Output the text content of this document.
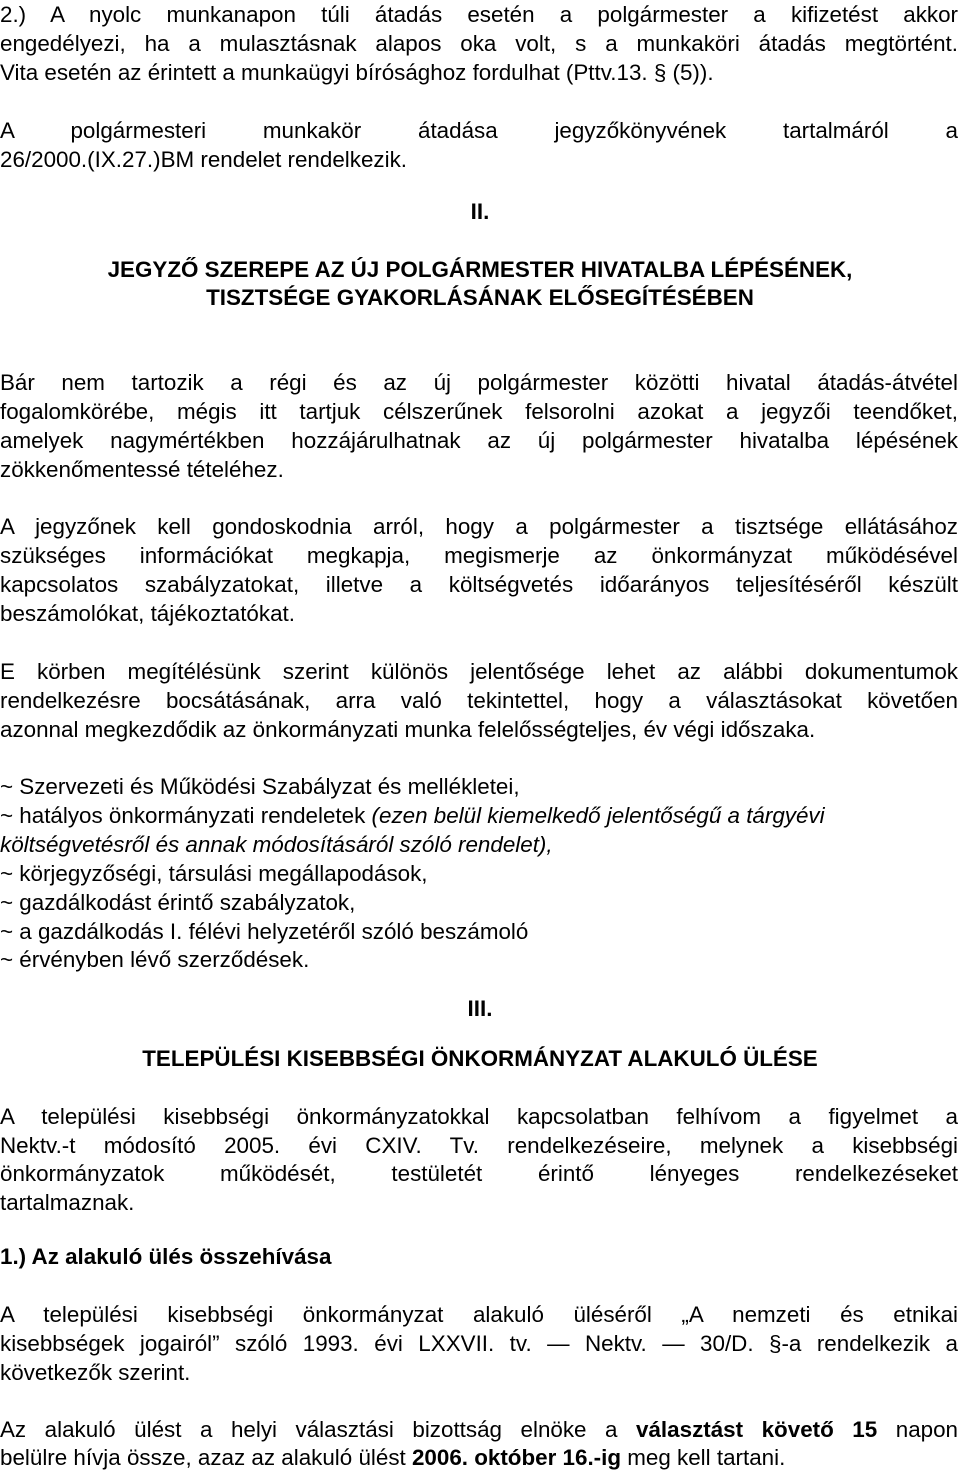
2.) A nyolc munkanapon túli átadás esetén a polgármester a kifizetést akkor
engedélyezi, ha a mulasztásnak alapos oka volt, s a munkaköri átadás megtörtént.
Vita esetén az érintett a munkaügyi bírósághoz fordulhat (Pttv.13. § (5)).
A polgármesteri munkakör átadása jegyzőkönyvének tartalmáról a
26/2000.(IX.27.)BM rendelet rendelkezik.
II.
JEGYZŐ SZEREPE AZ ÚJ POLGÁRMESTER HIVATALBA LÉPÉSÉNEK,
TISZTSÉGE GYAKORLÁSÁNAK ELŐSEGÍTÉSÉBEN
Bár nem tartozik a régi és az új polgármester közötti hivatal átadás-átvétel
fogalomkörébe, mégis itt tartjuk célszerűnek felsorolni azokat a jegyzői teendőket,
amelyek nagymértékben hozzájárulhatnak az új polgármester hivatalba lépésének
zökkenőmentessé tételéhez.
A jegyzőnek kell gondoskodnia arról, hogy a polgármester a tisztsége ellátásához
szükséges információkat megkapja, megismerje az önkormányzat működésével
kapcsolatos szabályzatokat, illetve a költségvetés időarányos teljesítéséről készült
beszámolókat, tájékoztatókat.
E körben megítélésünk szerint különös jelentősége lehet az alábbi dokumentumok
rendelkezésre bocsátásának, arra való tekintettel, hogy a választásokat követően
azonnal megkezdődik az önkormányzati munka felelősségteljes, év végi időszaka.
~ Szervezeti és Működési Szabályzat és mellékletei,
~ hatályos önkormányzati rendeletek (ezen belül kiemelkedő jelentőségű a tárgyévi
költségvetésről és annak módosításáról szóló rendelet),
~ körjegyzőségi, társulási megállapodások,
~ gazdálkodást érintő szabályzatok,
~ a gazdálkodás I. félévi helyzetéről szóló beszámoló
~ érvényben lévő szerződések.
III.
TELEPÜLÉSI KISEBBSÉGI ÖNKORMÁNYZAT ALAKULÓ ÜLÉSE
A települési kisebbségi önkormányzatokkal kapcsolatban felhívom a figyelmet a
Nektv.-t módosító 2005. évi CXIV. Tv. rendelkezéseire, melynek a kisebbségi
önkormányzatok működését, testületét érintő lényeges rendelkezéseket
tartalmaznak.
1.) Az alakuló ülés összehívása
A települési kisebbségi önkormányzat alakuló üléséről „A nemzeti és etnikai
kisebbségek jogairól” szóló 1993. évi LXXVII. tv. — Nektv. — 30/D. §-a rendelkezik a
következők szerint.
Az alakuló ülést a helyi választási bizottság elnöke a választást követő 15 napon
belülre hívja össze, azaz az alakuló ülést 2006. október 16.-ig meg kell tartani.
